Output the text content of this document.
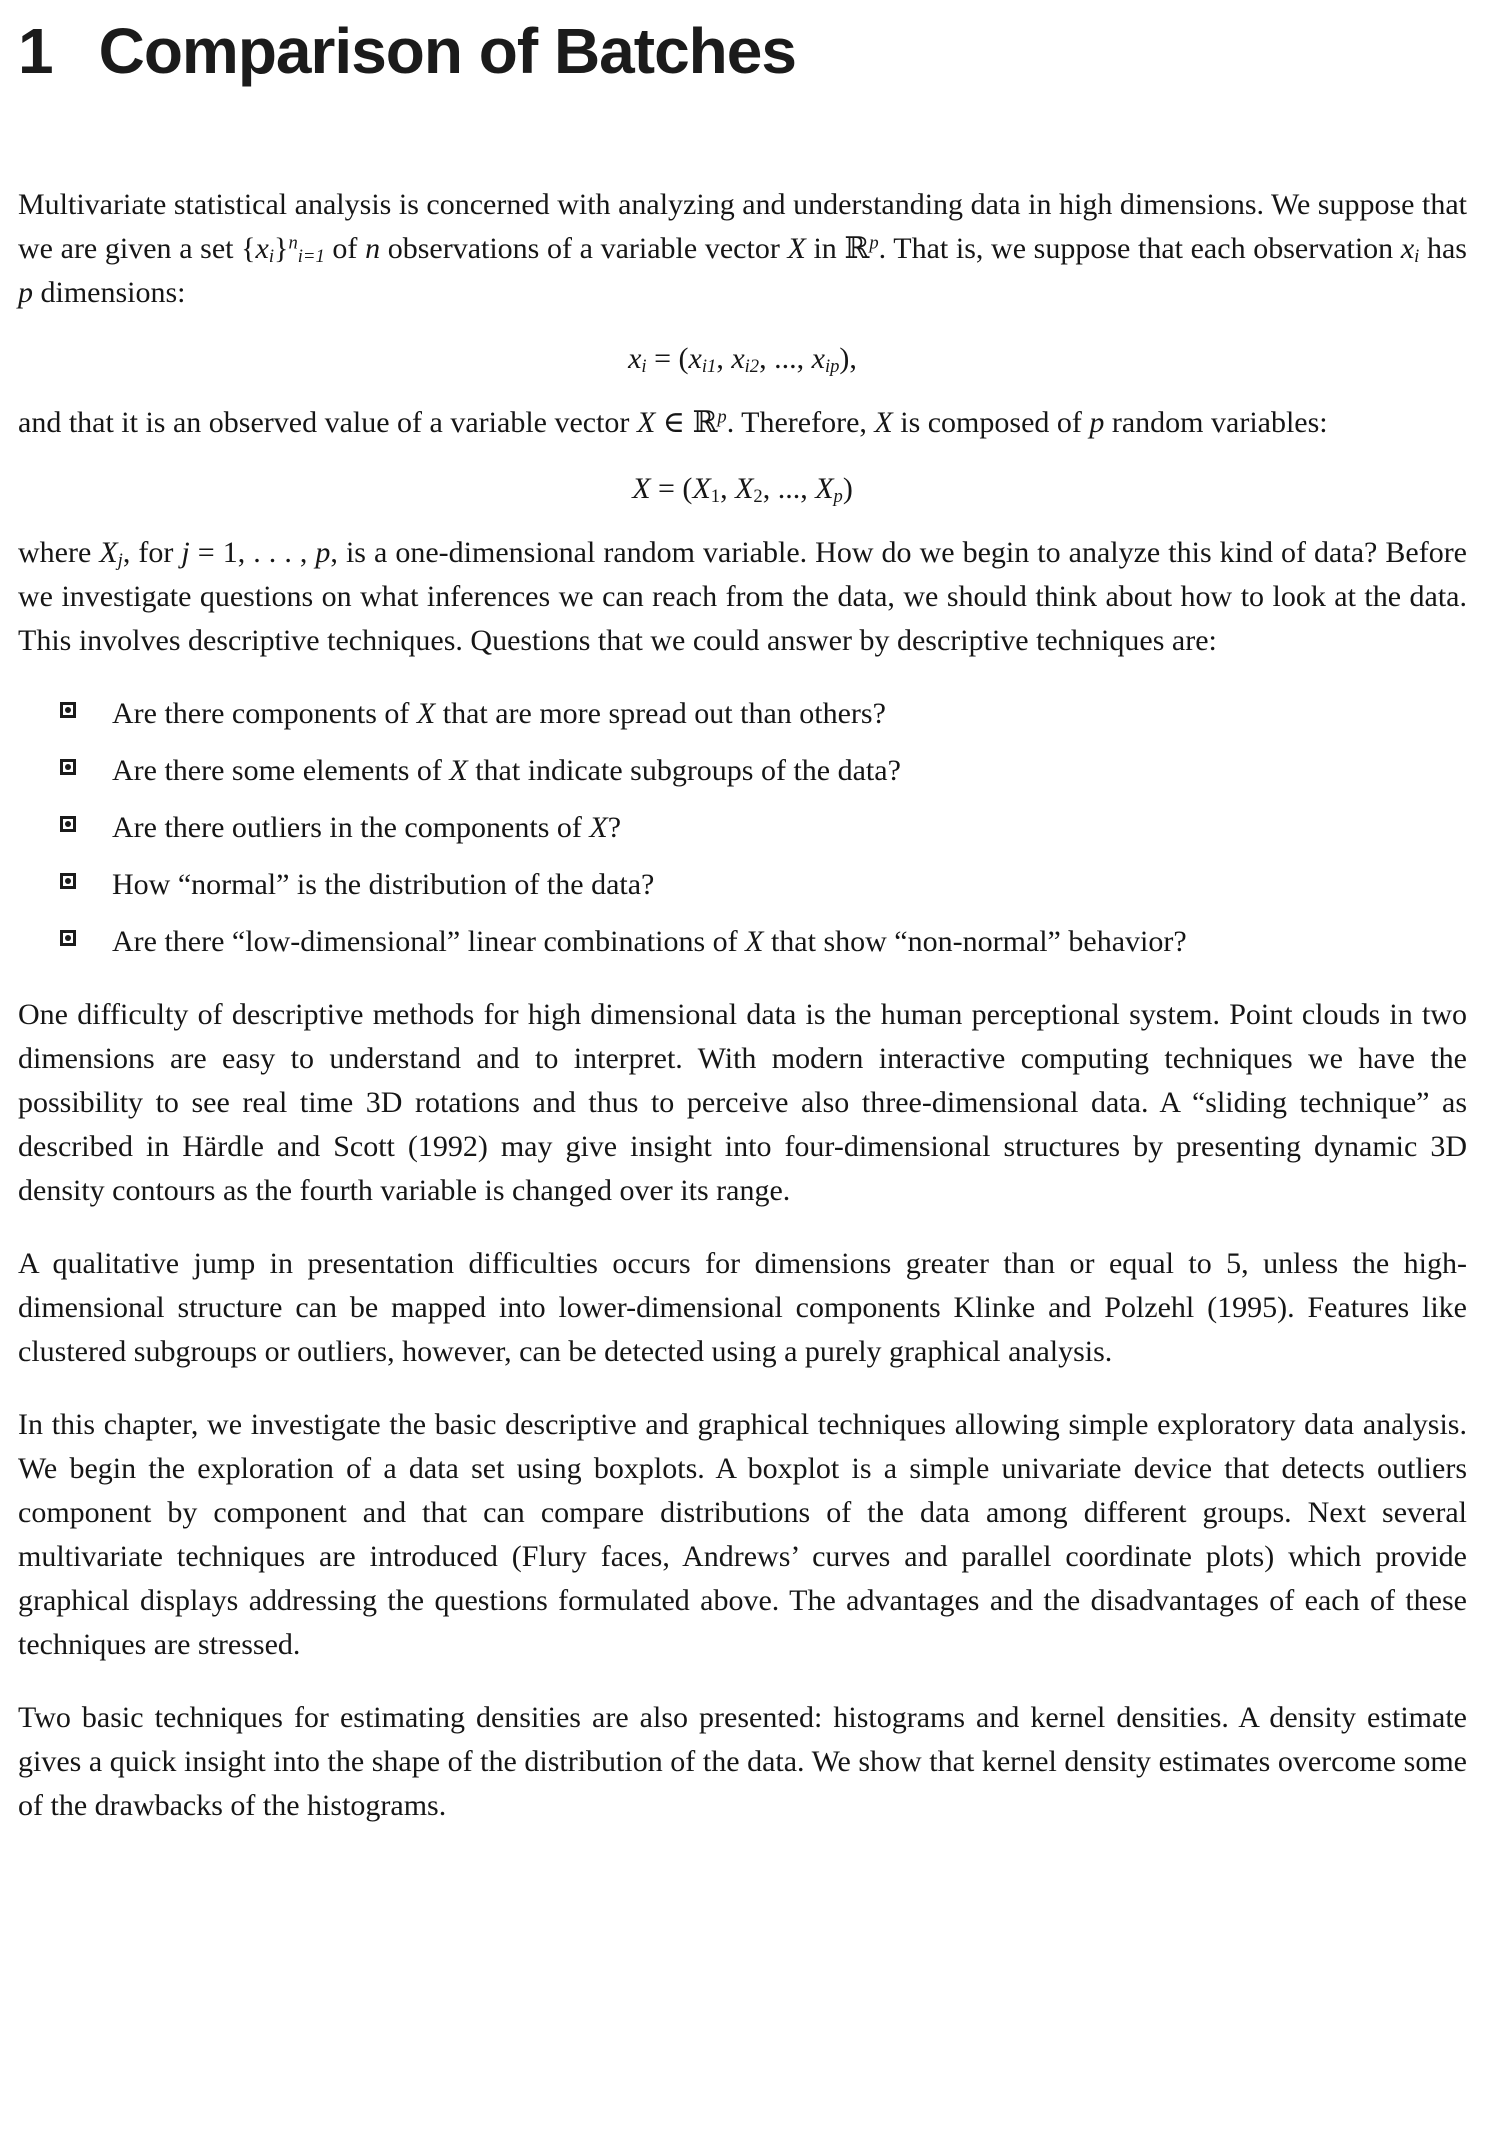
1 Comparison of Batches

Multivariate statistical analysis is concerned with analyzing and understanding data in high dimensions. We suppose that we are given a set $\{x_i\}^n_{i=1}$ of n observations of a variable vector X in ℝ$^p$. That is, we suppose that each observation $x_i$ has p dimensions:

$x_i = (x_{i1}$, $x_{i2}$, ..., $x_{ip}$),

and that it is an observed value of a variable vector X ∈ ℝ$^p$. Therefore, X is composed of p random variables:

$X = (X_1$, $X_2$, ..., $X_p$)

where $X_j$, for j = 1, . . . , p, is a one-dimensional random variable. How do we begin to analyze this kind of data? Before we investigate questions on what inferences we can reach from the data, we should think about how to look at the data. This involves descriptive techniques. Questions that we could answer by descriptive techniques are:

Are there components of X that are more spread out than others?
Are there some elements of X that indicate subgroups of the data?
Are there outliers in the components of X?
How “normal” is the distribution of the data?
Are there “low-dimensional” linear combinations of X that show “non-normal” behavior?

One difficulty of descriptive methods for high dimensional data is the human perceptional system. Point clouds in two dimensions are easy to understand and to interpret. With modern interactive computing techniques we have the possibility to see real time 3D rotations and thus to perceive also three-dimensional data. A “sliding technique” as described in Härdle and Scott (1992) may give insight into four-dimensional structures by presenting dynamic 3D density contours as the fourth variable is changed over its range.

A qualitative jump in presentation difficulties occurs for dimensions greater than or equal to 5, unless the high-dimensional structure can be mapped into lower-dimensional components Klinke and Polzehl (1995). Features like clustered subgroups or outliers, however, can be detected using a purely graphical analysis.

In this chapter, we investigate the basic descriptive and graphical techniques allowing simple exploratory data analysis. We begin the exploration of a data set using boxplots. A boxplot is a simple univariate device that detects outliers component by component and that can compare distributions of the data among different groups. Next several multivariate techniques are introduced (Flury faces, Andrews’ curves and parallel coordinate plots) which provide graphical displays addressing the questions formulated above. The advantages and the disadvantages of each of these techniques are stressed.

Two basic techniques for estimating densities are also presented: histograms and kernel densities. A density estimate gives a quick insight into the shape of the distribution of the data. We show that kernel density estimates overcome some of the drawbacks of the histograms.
